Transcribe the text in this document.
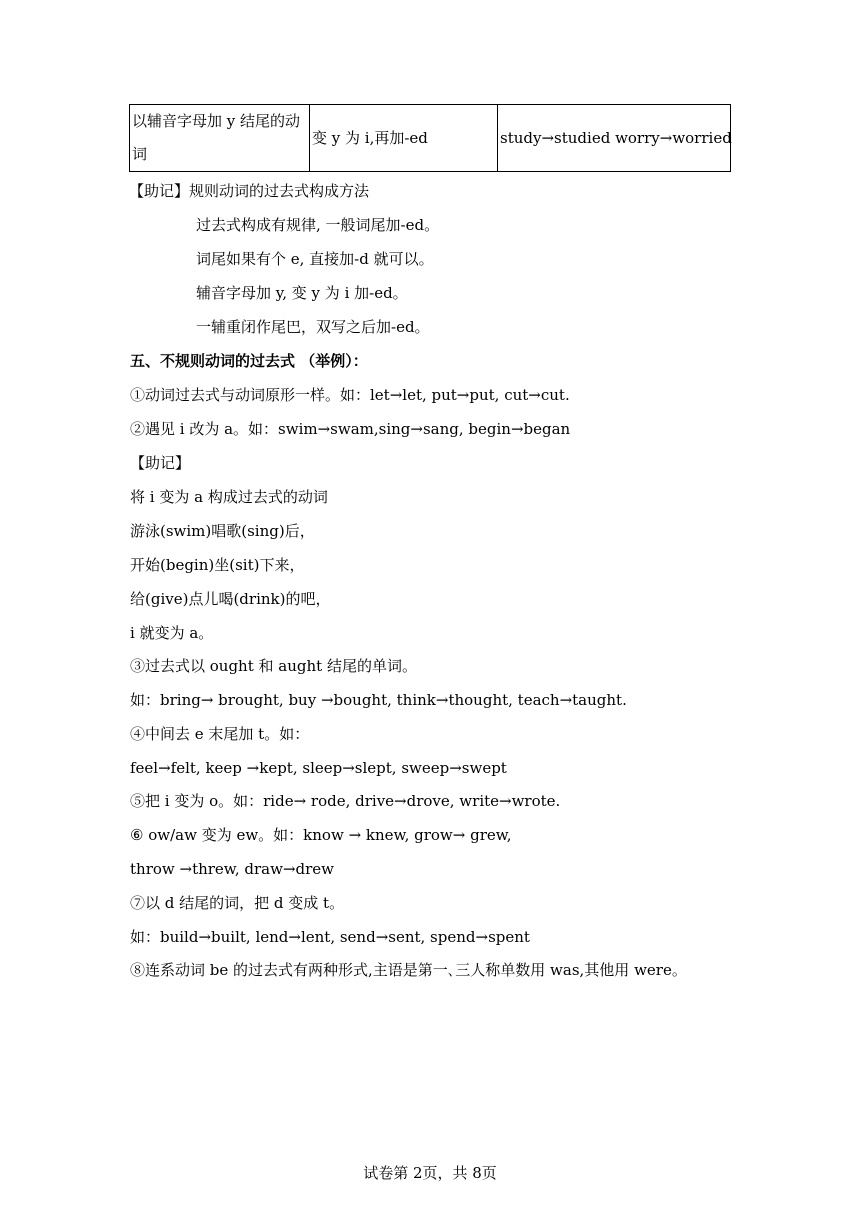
以辅音字母加 y 结尾的动词	变 y 为 i,再加-ed	study→studied worry→worried
【助记】规则动词的过去式构成方法
过去式构成有规律, 一般词尾加-ed。
词尾如果有个 e, 直接加-d 就可以。
辅音字母加 y, 变 y 为 i 加-ed。
一辅重闭作尾巴，双写之后加-ed。
五、不规则动词的过去式 （举例）：
①动词过去式与动词原形一样。如：let→let, put→put, cut→cut.
②遇见 i 改为 a。如：swim→swam,sing→sang, begin→began
【助记】
将 i 变为 a 构成过去式的动词
游泳(swim)唱歌(sing)后，
开始(begin)坐(sit)下来，
给(give)点儿喝(drink)的吧，
i 就变为 a。
③过去式以 ought 和 aught 结尾的单词。
如：bring→ brought, buy →bought, think→thought, teach→taught.
④中间去 e 末尾加 t。如：
feel→felt, keep →kept, sleep→slept, sweep→swept
⑤把 i 变为 o。如：ride→ rode, drive→drove, write→wrote.
⑥ ow/aw 变为 ew。如：know → knew, grow→ grew,
throw →threw, draw→drew
⑦以 d 结尾的词，把 d 变成 t。
如：build→built, lend→lent, send→sent, spend→spent
⑧连系动词 be 的过去式有两种形式,主语是第一､三人称单数用 was,其他用 were。
试卷第 2页，共 8页
